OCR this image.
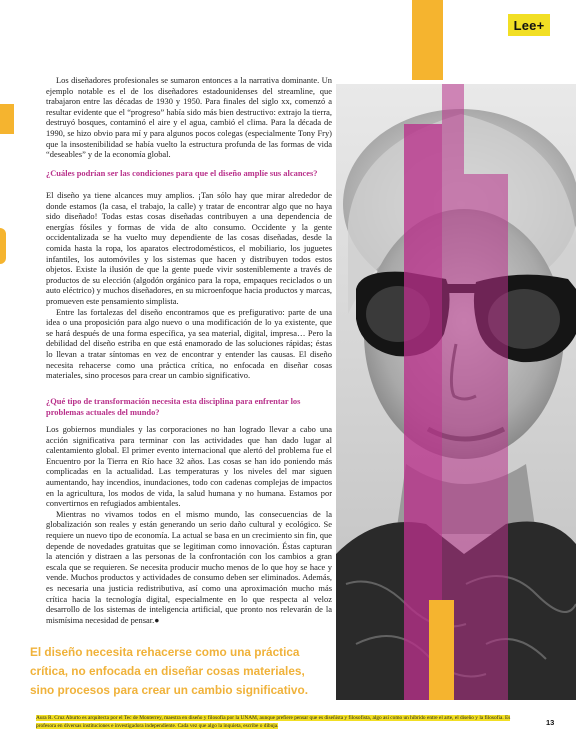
Lee+

Los diseñadores profesionales se sumaron entonces a la narrativa dominante. Un ejemplo notable es el de los diseñadores estadounidenses del streamline, que trabajaron entre las décadas de 1930 y 1950. Para finales del siglo xx, comenzó a resultar evidente que el “progreso” había sido más bien destructivo: extrajo la tierra, destruyó bosques, contaminó el aire y el agua, cambió el clima. Para la década de 1990, se hizo obvio para mí y para algunos pocos colegas (especialmente Tony Fry) que la insostenibilidad se había vuelto la estructura profunda de las formas de vida “deseables” y de la economía global.

¿Cuáles podrían ser las condiciones para que el diseño amplíe sus alcances?

El diseño ya tiene alcances muy amplios. ¡Tan sólo hay que mirar alrededor de donde estamos (la casa, el trabajo, la calle) y tratar de encontrar algo que no haya sido diseñado! Todas estas cosas diseñadas contribuyen a una dependencia de energías fósiles y formas de vida de alto consumo. Occidente y la gente occidentalizada se ha vuelto muy dependiente de las cosas diseñadas, desde la comida hasta la ropa, los aparatos electrodomésticos, el mobiliario, los juguetes infantiles, los automóviles y los sistemas que hacen y distribuyen todos estos objetos. Existe la ilusión de que la gente puede vivir sosteniblemente a través de productos de su elección (algodón orgánico para la ropa, empaques reciclados o un auto eléctrico) y muchos diseñadores, en su microenfoque hacia productos y marcas, promueven este pensamiento simplista.

Entre las fortalezas del diseño encontramos que es prefigurativo: parte de una idea o una proposición para algo nuevo o una modificación de lo ya existente, que se hará después de una forma específica, ya sea material, digital, impresa… Pero la debilidad del diseño estriba en que está enamorado de las soluciones rápidas; éstas lo llevan a tratar síntomas en vez de encontrar y entender las causas. El diseño necesita rehacerse como una práctica crítica, no enfocada en diseñar cosas materiales, sino procesos para crear un cambio significativo.

¿Qué tipo de transformación necesita esta disciplina para enfrentar los problemas actuales del mundo?

Los gobiernos mundiales y las corporaciones no han logrado llevar a cabo una acción significativa para terminar con las actividades que han dado lugar al calentamiento global. El primer evento internacional que alertó del problema fue el Encuentro por la Tierra en Río hace 32 años. Las cosas se han ido poniendo más complicadas en la actualidad. Las temperaturas y los niveles del mar siguen aumentando, hay incendios, inundaciones, todo con cadenas complejas de impactos en la agricultura, los modos de vida, la salud humana y no humana. Estamos por convertirnos en refugiados ambientales.

Mientras no vivamos todos en el mismo mundo, las consecuencias de la globalización son reales y están generando un serio daño cultural y ecológico. Se requiere un nuevo tipo de economía. La actual se basa en un crecimiento sin fin, que depende de novedades gratuitas que se legitiman como innovación. Éstas capturan la atención y distraen a las personas de la confrontación con los cambios a gran escala que se requieren. Se necesita producir mucho menos de lo que hoy se hace y vende. Muchos productos y actividades de consumo deben ser eliminados. Además, es necesaria una justicia redistributiva, así como una aproximación mucho más crítica hacia la tecnología digital, especialmente en lo que respecta al veloz desarrollo de los sistemas de inteligencia artificial, que pronto nos relevarán de la mismísima necesidad de pensar.●

El diseño necesita rehacerse como una práctica crítica, no enfocada en diseñar cosas materiales, sino procesos para crear un cambio significativo.
Aura R. Cruz Aburto es arquitecta por el Tec de Monterrey, maestra en diseño y filosofía por la UNAM, aunque prefiere pensar que es diseñista y filosofista, algo así como un híbrido entre el arte, el diseño y la filosofía. Es profesora en diversas instituciones e investigadora independiente. Cada vez que algo la inquieta, escribe o dibuja.	13
